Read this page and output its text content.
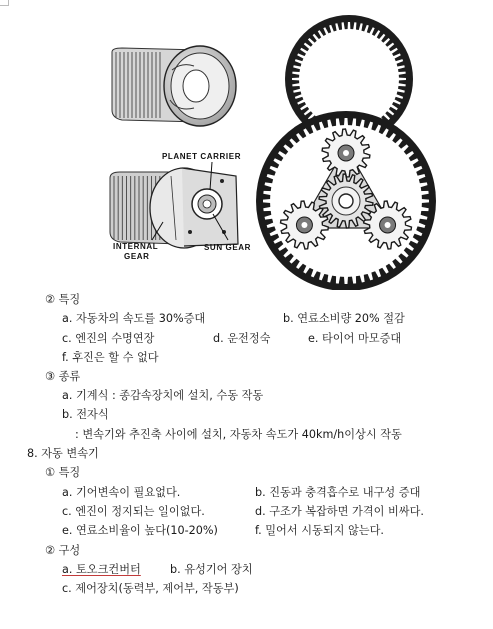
PLANET CARRIER
INTERNAL
GEAR
SUN GEAR
② 특징
a. 자동차의 속도를 30%증대	b. 연료소비량 20% 절감
c. 엔진의 수명연장	d. 운전정숙	e. 타이어 마모증대
f. 후진은 할 수 없다
③ 종류
a. 기계식 : 종감속장치에 설치, 수동 작동
b. 전자식
: 변속기와 추진축 사이에 설치, 자동차 속도가 40km/h이상시 작동
8. 자동 변속기
① 특징
a. 기어변속이 필요없다.	b. 진동과 충격흡수로 내구성 증대
c. 엔진이 정지되는 일이없다.	d. 구조가 복잡하면 가격이 비싸다.
e. 연료소비율이 높다(10-20%)	f. 밀어서 시동되지 않는다.
② 구성
a. 토오크컨버터	b. 유성기어 장치
c. 제어장치(동력부, 제어부, 작동부)
